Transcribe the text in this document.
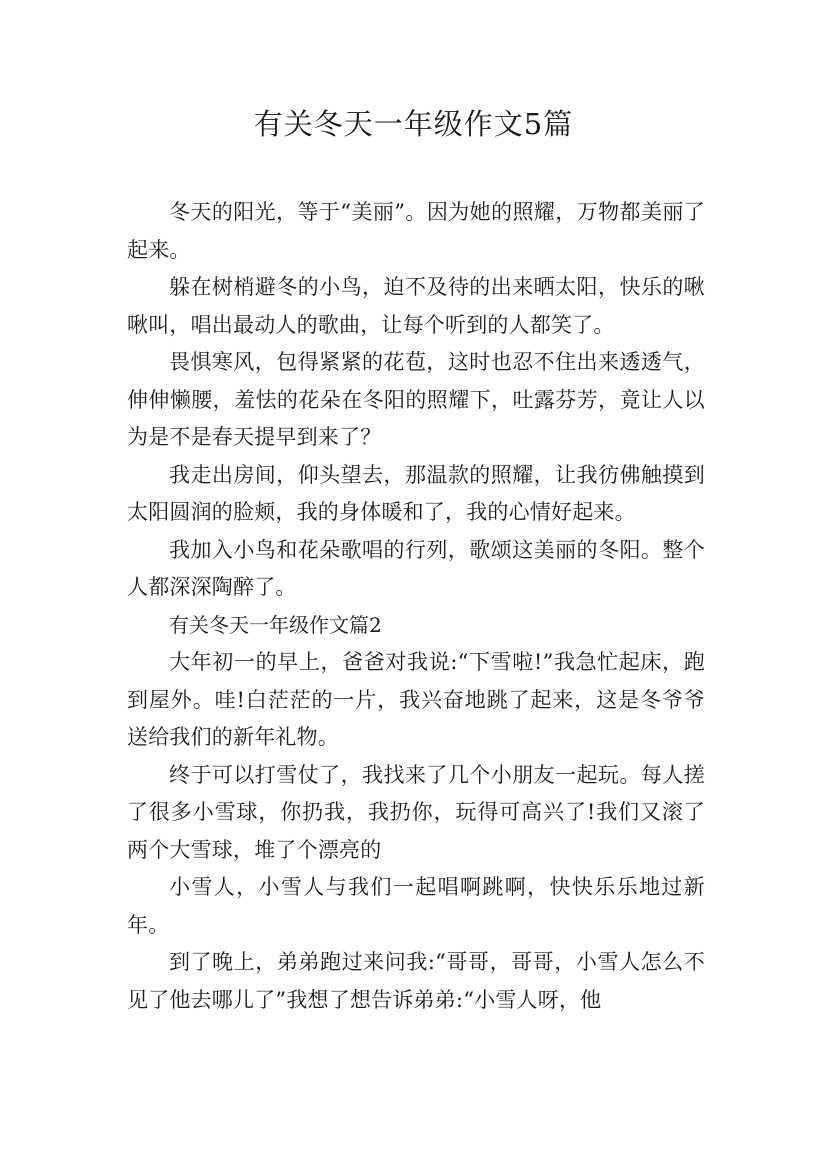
有关冬天一年级作文5篇

冬天的阳光，等于“美丽”。因为她的照耀，万物都美丽了起来。

躲在树梢避冬的小鸟，迫不及待的出来晒太阳，快乐的啾啾叫，唱出最动人的歌曲，让每个听到的人都笑了。

畏惧寒风，包得紧紧的花苞，这时也忍不住出来透透气，伸伸懒腰，羞怯的花朵在冬阳的照耀下，吐露芬芳，竟让人以为是不是春天提早到来了？

我走出房间，仰头望去，那温款的照耀，让我彷佛触摸到太阳圆润的脸颊，我的身体暖和了，我的心情好起来。

我加入小鸟和花朵歌唱的行列，歌颂这美丽的冬阳。整个人都深深陶醉了。

有关冬天一年级作文篇2

大年初一的早上，爸爸对我说:“下雪啦!”我急忙起床，跑到屋外。哇!白茫茫的一片，我兴奋地跳了起来，这是冬爷爷送给我们的新年礼物。

终于可以打雪仗了，我找来了几个小朋友一起玩。每人搓了很多小雪球，你扔我，我扔你，玩得可高兴了!我们又滚了两个大雪球，堆了个漂亮的

小雪人，小雪人与我们一起唱啊跳啊，快快乐乐地过新年。

到了晚上，弟弟跑过来问我:“哥哥，哥哥，小雪人怎么不见了他去哪儿了”我想了想告诉弟弟:“小雪人呀，他
